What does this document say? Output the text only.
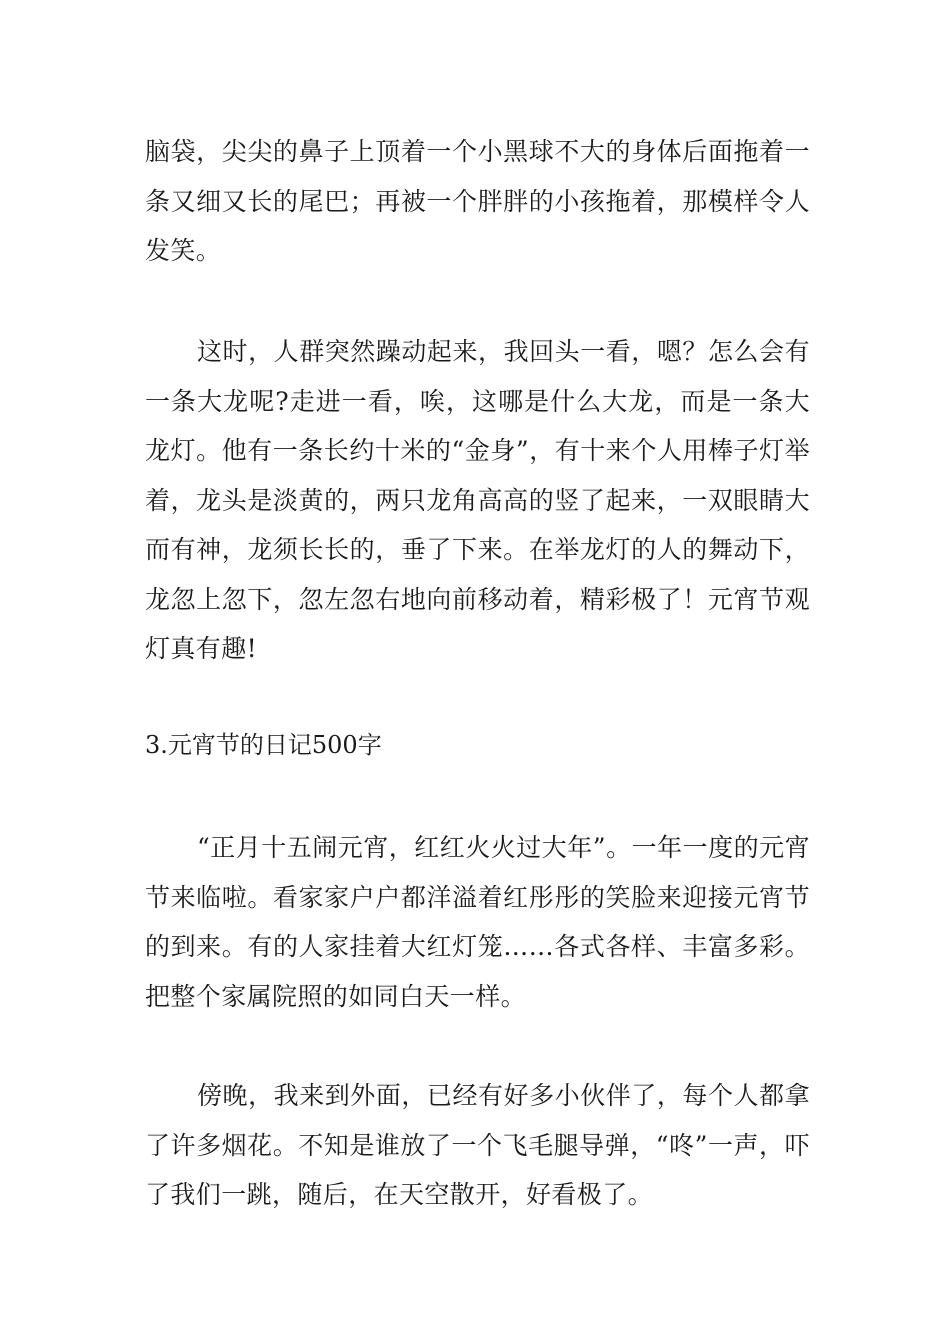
脑袋，尖尖的鼻子上顶着一个小黑球不大的身体后面拖着一条又细又长的尾巴；再被一个胖胖的小孩拖着，那模样令人发笑。

这时，人群突然躁动起来，我回头一看，嗯？怎么会有一条大龙呢?走进一看，唉，这哪是什么大龙，而是一条大龙灯。他有一条长约十米的“金身”，有十来个人用棒子灯举着，龙头是淡黄的，两只龙角高高的竖了起来，一双眼睛大而有神，龙须长长的，垂了下来。在举龙灯的人的舞动下，龙忽上忽下，忽左忽右地向前移动着，精彩极了！元宵节观灯真有趣!

3.元宵节的日记500字

“正月十五闹元宵，红红火火过大年”。一年一度的元宵节来临啦。看家家户户都洋溢着红彤彤的笑脸来迎接元宵节的到来。有的人家挂着大红灯笼……各式各样、丰富多彩。把整个家属院照的如同白天一样。

傍晚，我来到外面，已经有好多小伙伴了，每个人都拿了许多烟花。不知是谁放了一个飞毛腿导弹，“咚”一声，吓了我们一跳，随后，在天空散开，好看极了。
